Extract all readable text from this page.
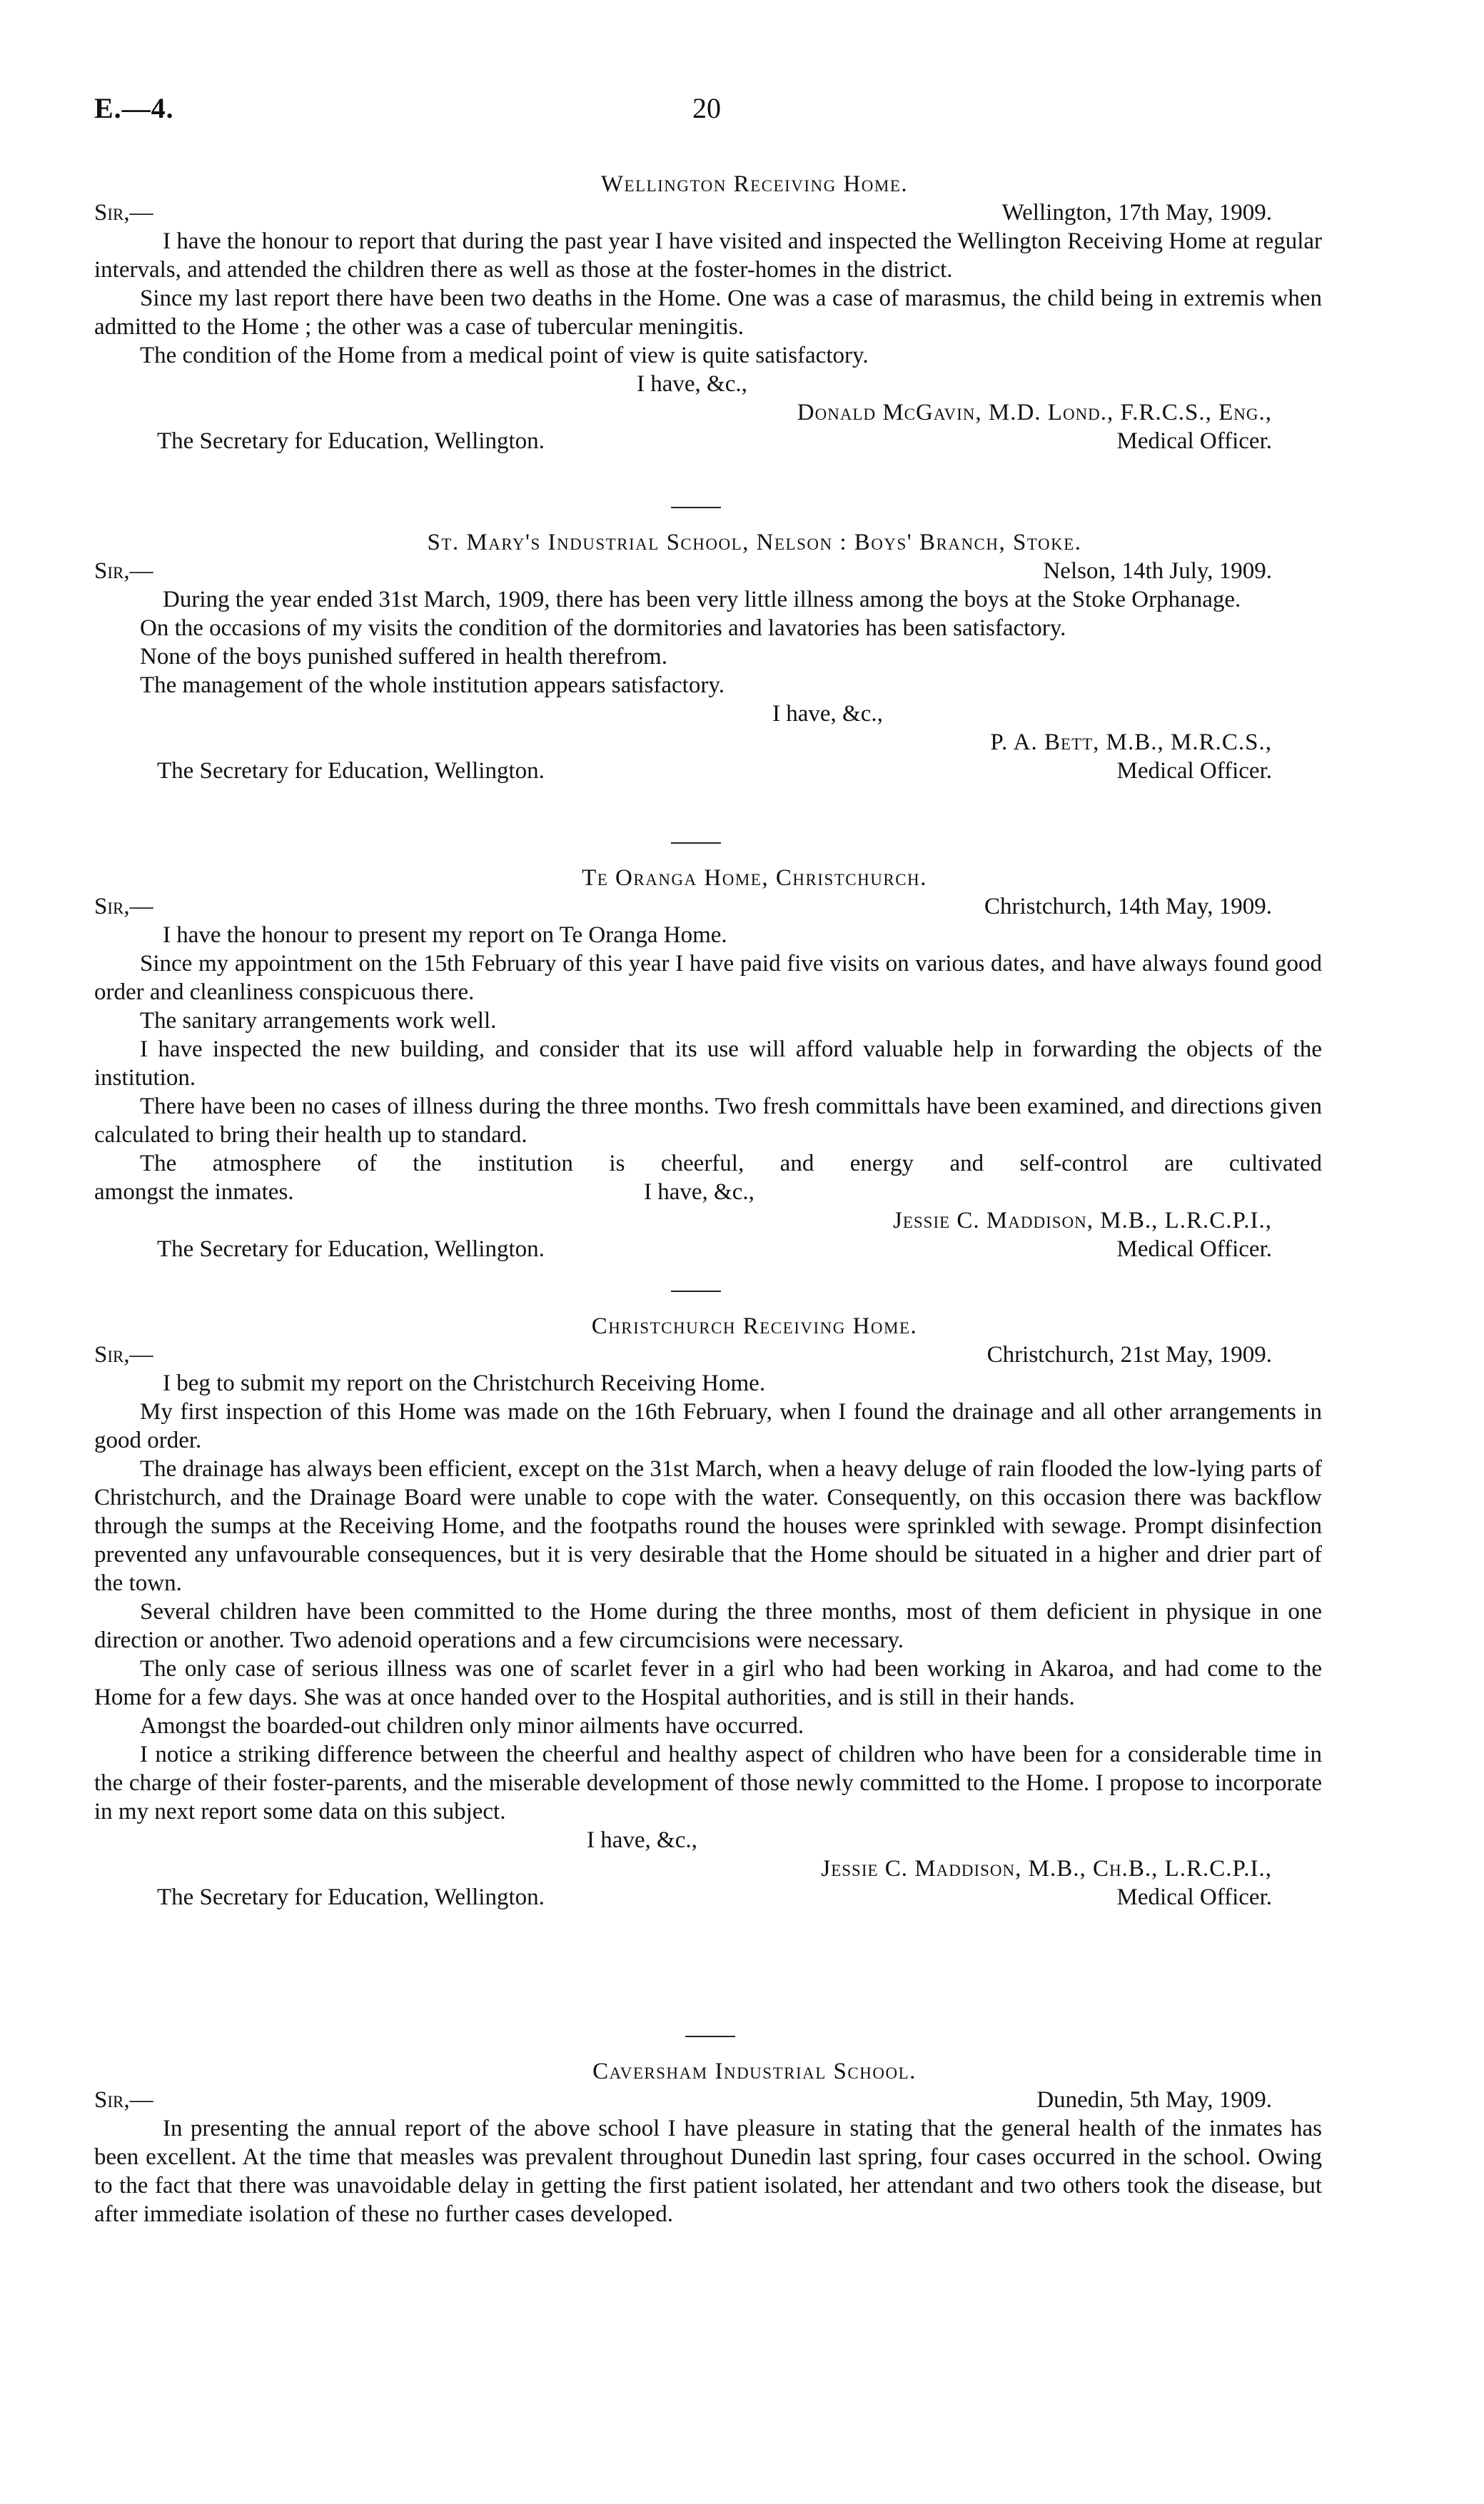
E.—4.	20
Wellington Receiving Home.
Sir,—	Wellington, 17th May, 1909.

I have the honour to report that during the past year I have visited and inspected the Wellington Receiving Home at regular intervals, and attended the children there as well as those at the foster-homes in the district.

Since my last report there have been two deaths in the Home. One was a case of marasmus, the child being in extremis when admitted to the Home ; the other was a case of tubercular meningitis.

The condition of the Home from a medical point of view is quite satisfactory.

I have, &c.,
Donald McGavin, M.D. Lond., F.R.C.S., Eng.,
The Secretary for Education, Wellington.	Medical Officer.
St. Mary's Industrial School, Nelson : Boys' Branch, Stoke.
Sir,—	Nelson, 14th July, 1909.

During the year ended 31st March, 1909, there has been very little illness among the boys at the Stoke Orphanage.

On the occasions of my visits the condition of the dormitories and lavatories has been satisfactory.

None of the boys punished suffered in health therefrom.

The management of the whole institution appears satisfactory.

I have, &c.,
P. A. Bett, M.B., M.R.C.S.,
The Secretary for Education, Wellington.	Medical Officer.
Te Oranga Home, Christchurch.
Sir,—	Christchurch, 14th May, 1909.

I have the honour to present my report on Te Oranga Home.

Since my appointment on the 15th February of this year I have paid five visits on various dates, and have always found good order and cleanliness conspicuous there.

The sanitary arrangements work well.

I have inspected the new building, and consider that its use will afford valuable help in forwarding the objects of the institution.

There have been no cases of illness during the three months. Two fresh committals have been examined, and directions given calculated to bring their health up to standard.

The atmosphere of the institution is cheerful, and energy and self-control are cultivated

amongst the inmates.	I have, &c.,
Jessie C. Maddison, M.B., L.R.C.P.I.,
The Secretary for Education, Wellington.	Medical Officer.
Christchurch Receiving Home.
Sir,—	Christchurch, 21st May, 1909.

I beg to submit my report on the Christchurch Receiving Home.

My first inspection of this Home was made on the 16th February, when I found the drainage and all other arrangements in good order.

The drainage has always been efficient, except on the 31st March, when a heavy deluge of rain flooded the low-lying parts of Christchurch, and the Drainage Board were unable to cope with the water. Consequently, on this occasion there was backflow through the sumps at the Receiving Home, and the footpaths round the houses were sprinkled with sewage. Prompt disinfection prevented any unfavourable consequences, but it is very desirable that the Home should be situated in a higher and drier part of the town.

Several children have been committed to the Home during the three months, most of them deficient in physique in one direction or another. Two adenoid operations and a few circumcisions were necessary.

The only case of serious illness was one of scarlet fever in a girl who had been working in Akaroa, and had come to the Home for a few days. She was at once handed over to the Hospital authorities, and is still in their hands.

Amongst the boarded-out children only minor ailments have occurred.

I notice a striking difference between the cheerful and healthy aspect of children who have been for a considerable time in the charge of their foster-parents, and the miserable development of those newly committed to the Home. I propose to incorporate in my next report some data on this subject.

I have, &c.,
Jessie C. Maddison, M.B., Ch.B., L.R.C.P.I.,
The Secretary for Education, Wellington.	Medical Officer.
Caversham Industrial School.
Sir,—	Dunedin, 5th May, 1909.

In presenting the annual report of the above school I have pleasure in stating that the general health of the inmates has been excellent. At the time that measles was prevalent throughout Dunedin last spring, four cases occurred in the school. Owing to the fact that there was unavoidable delay in getting the first patient isolated, her attendant and two others took the disease, but after immediate isolation of these no further cases developed.
